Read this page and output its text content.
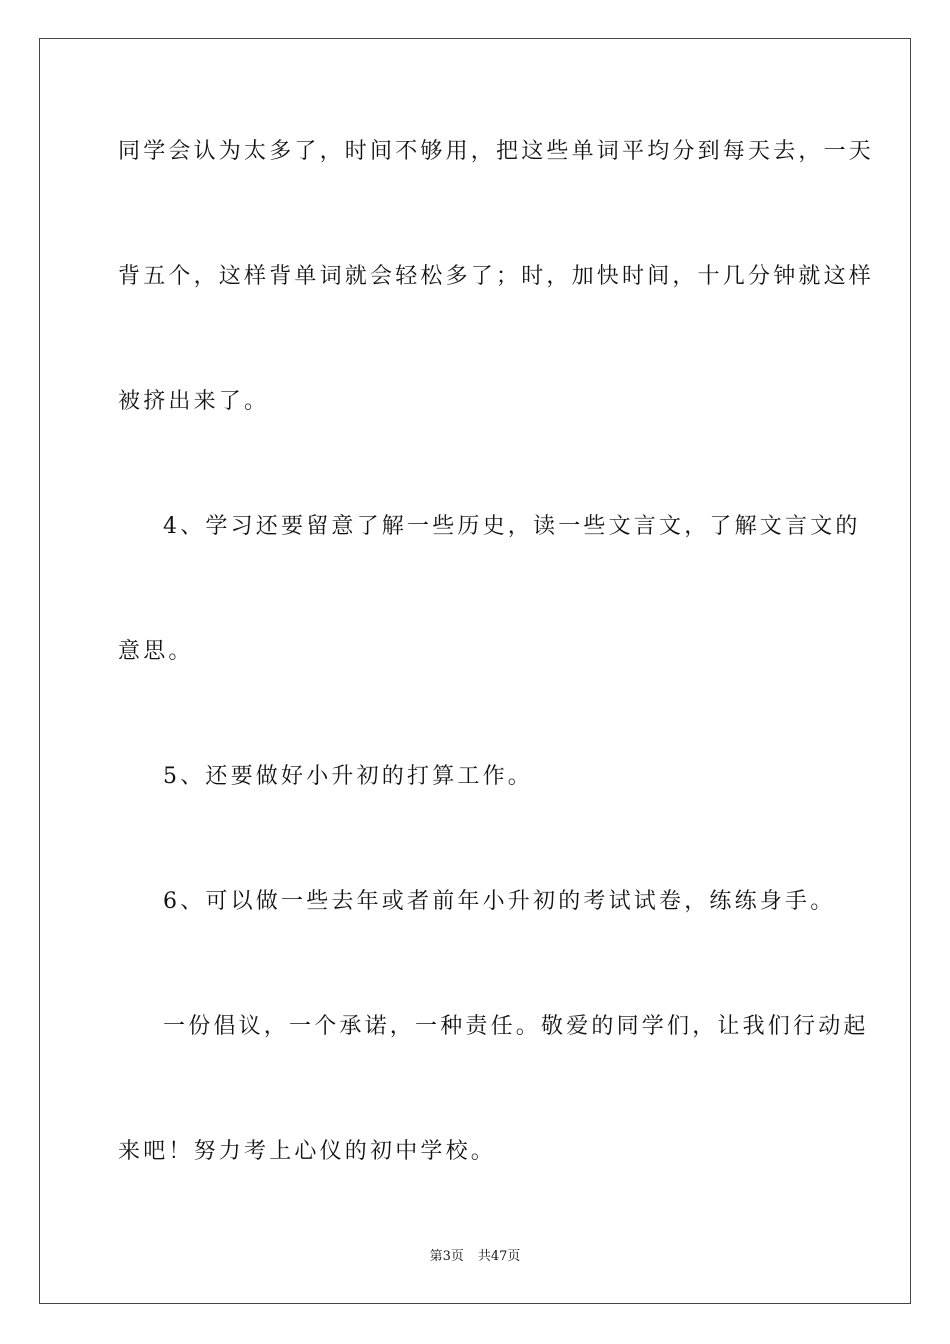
同学会认为太多了，时间不够用，把这些单词平均分到每天去，一天
背五个，这样背单词就会轻松多了；时，加快时间，十几分钟就这样
被挤出来了。
4、学习还要留意了解一些历史，读一些文言文，了解文言文的
意思。
5、还要做好小升初的打算工作。
6、可以做一些去年或者前年小升初的考试试卷，练练身手。
一份倡议，一个承诺，一种责任。敬爱的同学们，让我们行动起
来吧！努力考上心仪的初中学校。
第3页 共47页
